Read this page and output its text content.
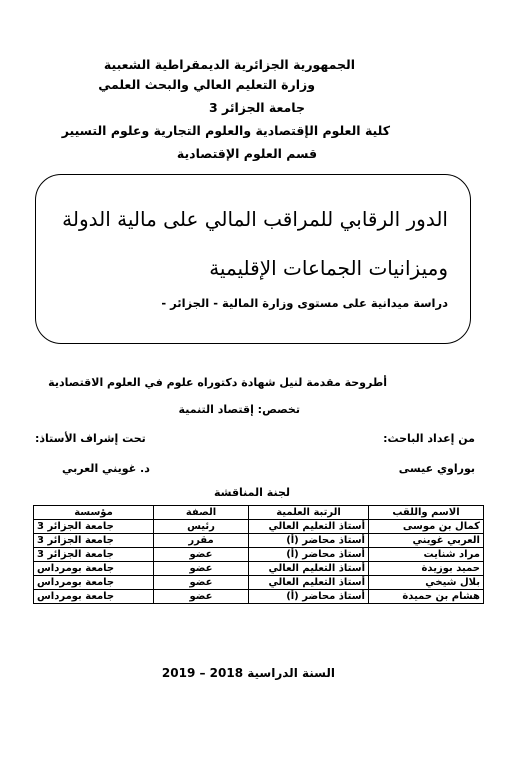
الجمهورية الجزائرية الديمقراطية الشعبية
وزارة التعليم العالي والبحث العلمي
جامعة الجزائر 3
كلية العلوم الإقتصادية والعلوم التجارية وعلوم التسيير
قسم العلوم الإقتصادية
الدور الرقابي للمراقب المالي على مالية الدولة
وميزانيات الجماعات الإقليمية
دراسة ميدانية على مستوى وزارة المالية - الجزائر -
أطروحة مقدمة لنيل شهادة دكتوراه علوم في العلوم الاقتصادية
تخصص: إقتصاد التنمية
من إعداد الباحث:
تحت إشراف الأستاذ:
بوراوي عيسى
د. غويني العربي
لجنة المناقشة
الاسم واللقب	الرتبة العلمية	الصفة	مؤسسة
كمال بن موسى	أستاذ التعليم العالي	رئيس	جامعة الجزائر 3
العربي غويني	أستاذ محاضر (أ)	مقرر	جامعة الجزائر 3
مراد شنايت	أستاذ محاضر (أ)	عضو	جامعة الجزائر 3
حميد بوزيدة	أستاذ التعليم العالي	عضو	جامعة بومرداس
بلال شيخي	أستاذ التعليم العالي	عضو	جامعة بومرداس
هشام بن حميدة	أستاذ محاضر (أ)	عضو	جامعة بومرداس
السنة الدراسية 2018 – 2019
